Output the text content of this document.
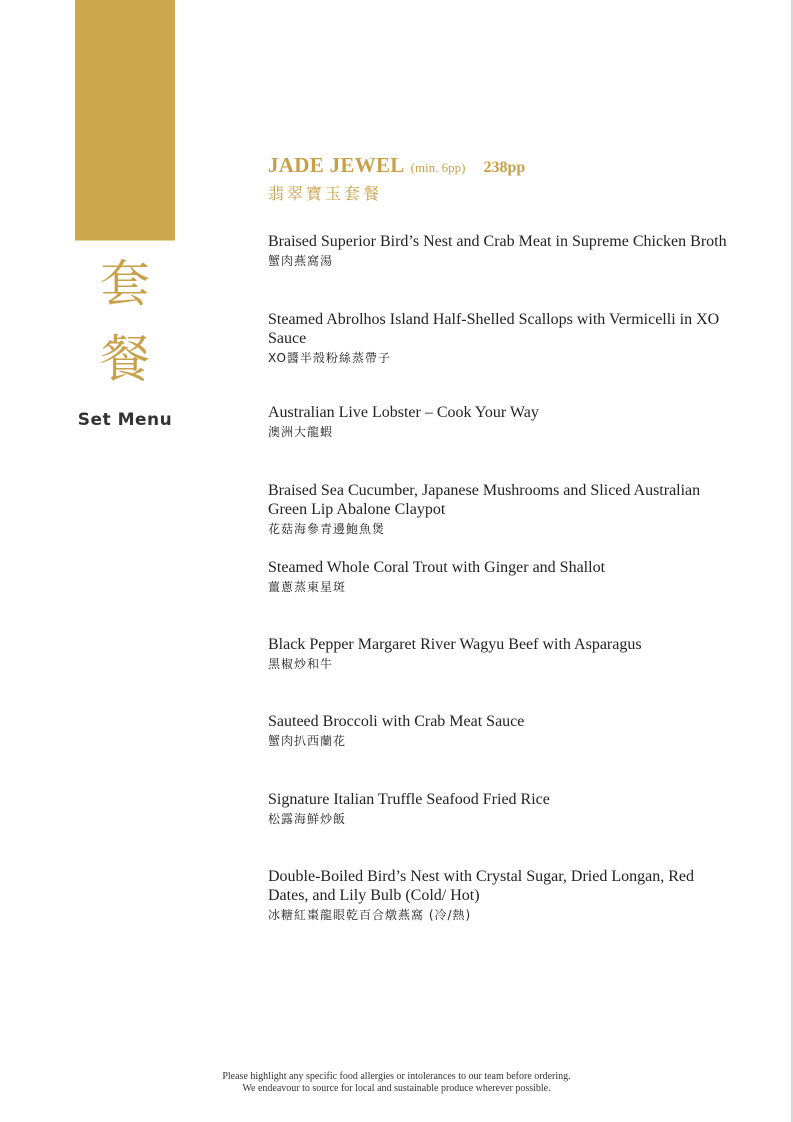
套
餐
Set Menu
JADE JEWEL (min. 6pp) 238pp
翡翠寶玉套餐
Braised Superior Bird’s Nest and Crab Meat in Supreme Chicken Broth
蟹肉燕窩湯
Steamed Abrolhos Island Half-Shelled Scallops with Vermicelli in XO Sauce
XO醬半殼粉絲蒸帶子
Australian Live Lobster – Cook Your Way
澳洲大龍蝦
Braised Sea Cucumber, Japanese Mushrooms and Sliced Australian Green Lip Abalone Claypot
花菇海參青邊鮑魚煲
Steamed Whole Coral Trout with Ginger and Shallot
薑蔥蒸東星斑
Black Pepper Margaret River Wagyu Beef with Asparagus
黑椒炒和牛
Sauteed Broccoli with Crab Meat Sauce
蟹肉扒西蘭花
Signature Italian Truffle Seafood Fried Rice
松露海鮮炒飯
Double-Boiled Bird’s Nest with Crystal Sugar, Dried Longan, Red Dates, and Lily Bulb (Cold/ Hot)
冰糖紅棗龍眼乾百合燉燕窩 (冷/熱)
Please highlight any specific food allergies or intolerances to our team before ordering.
We endeavour to source for local and sustainable produce wherever possible.
